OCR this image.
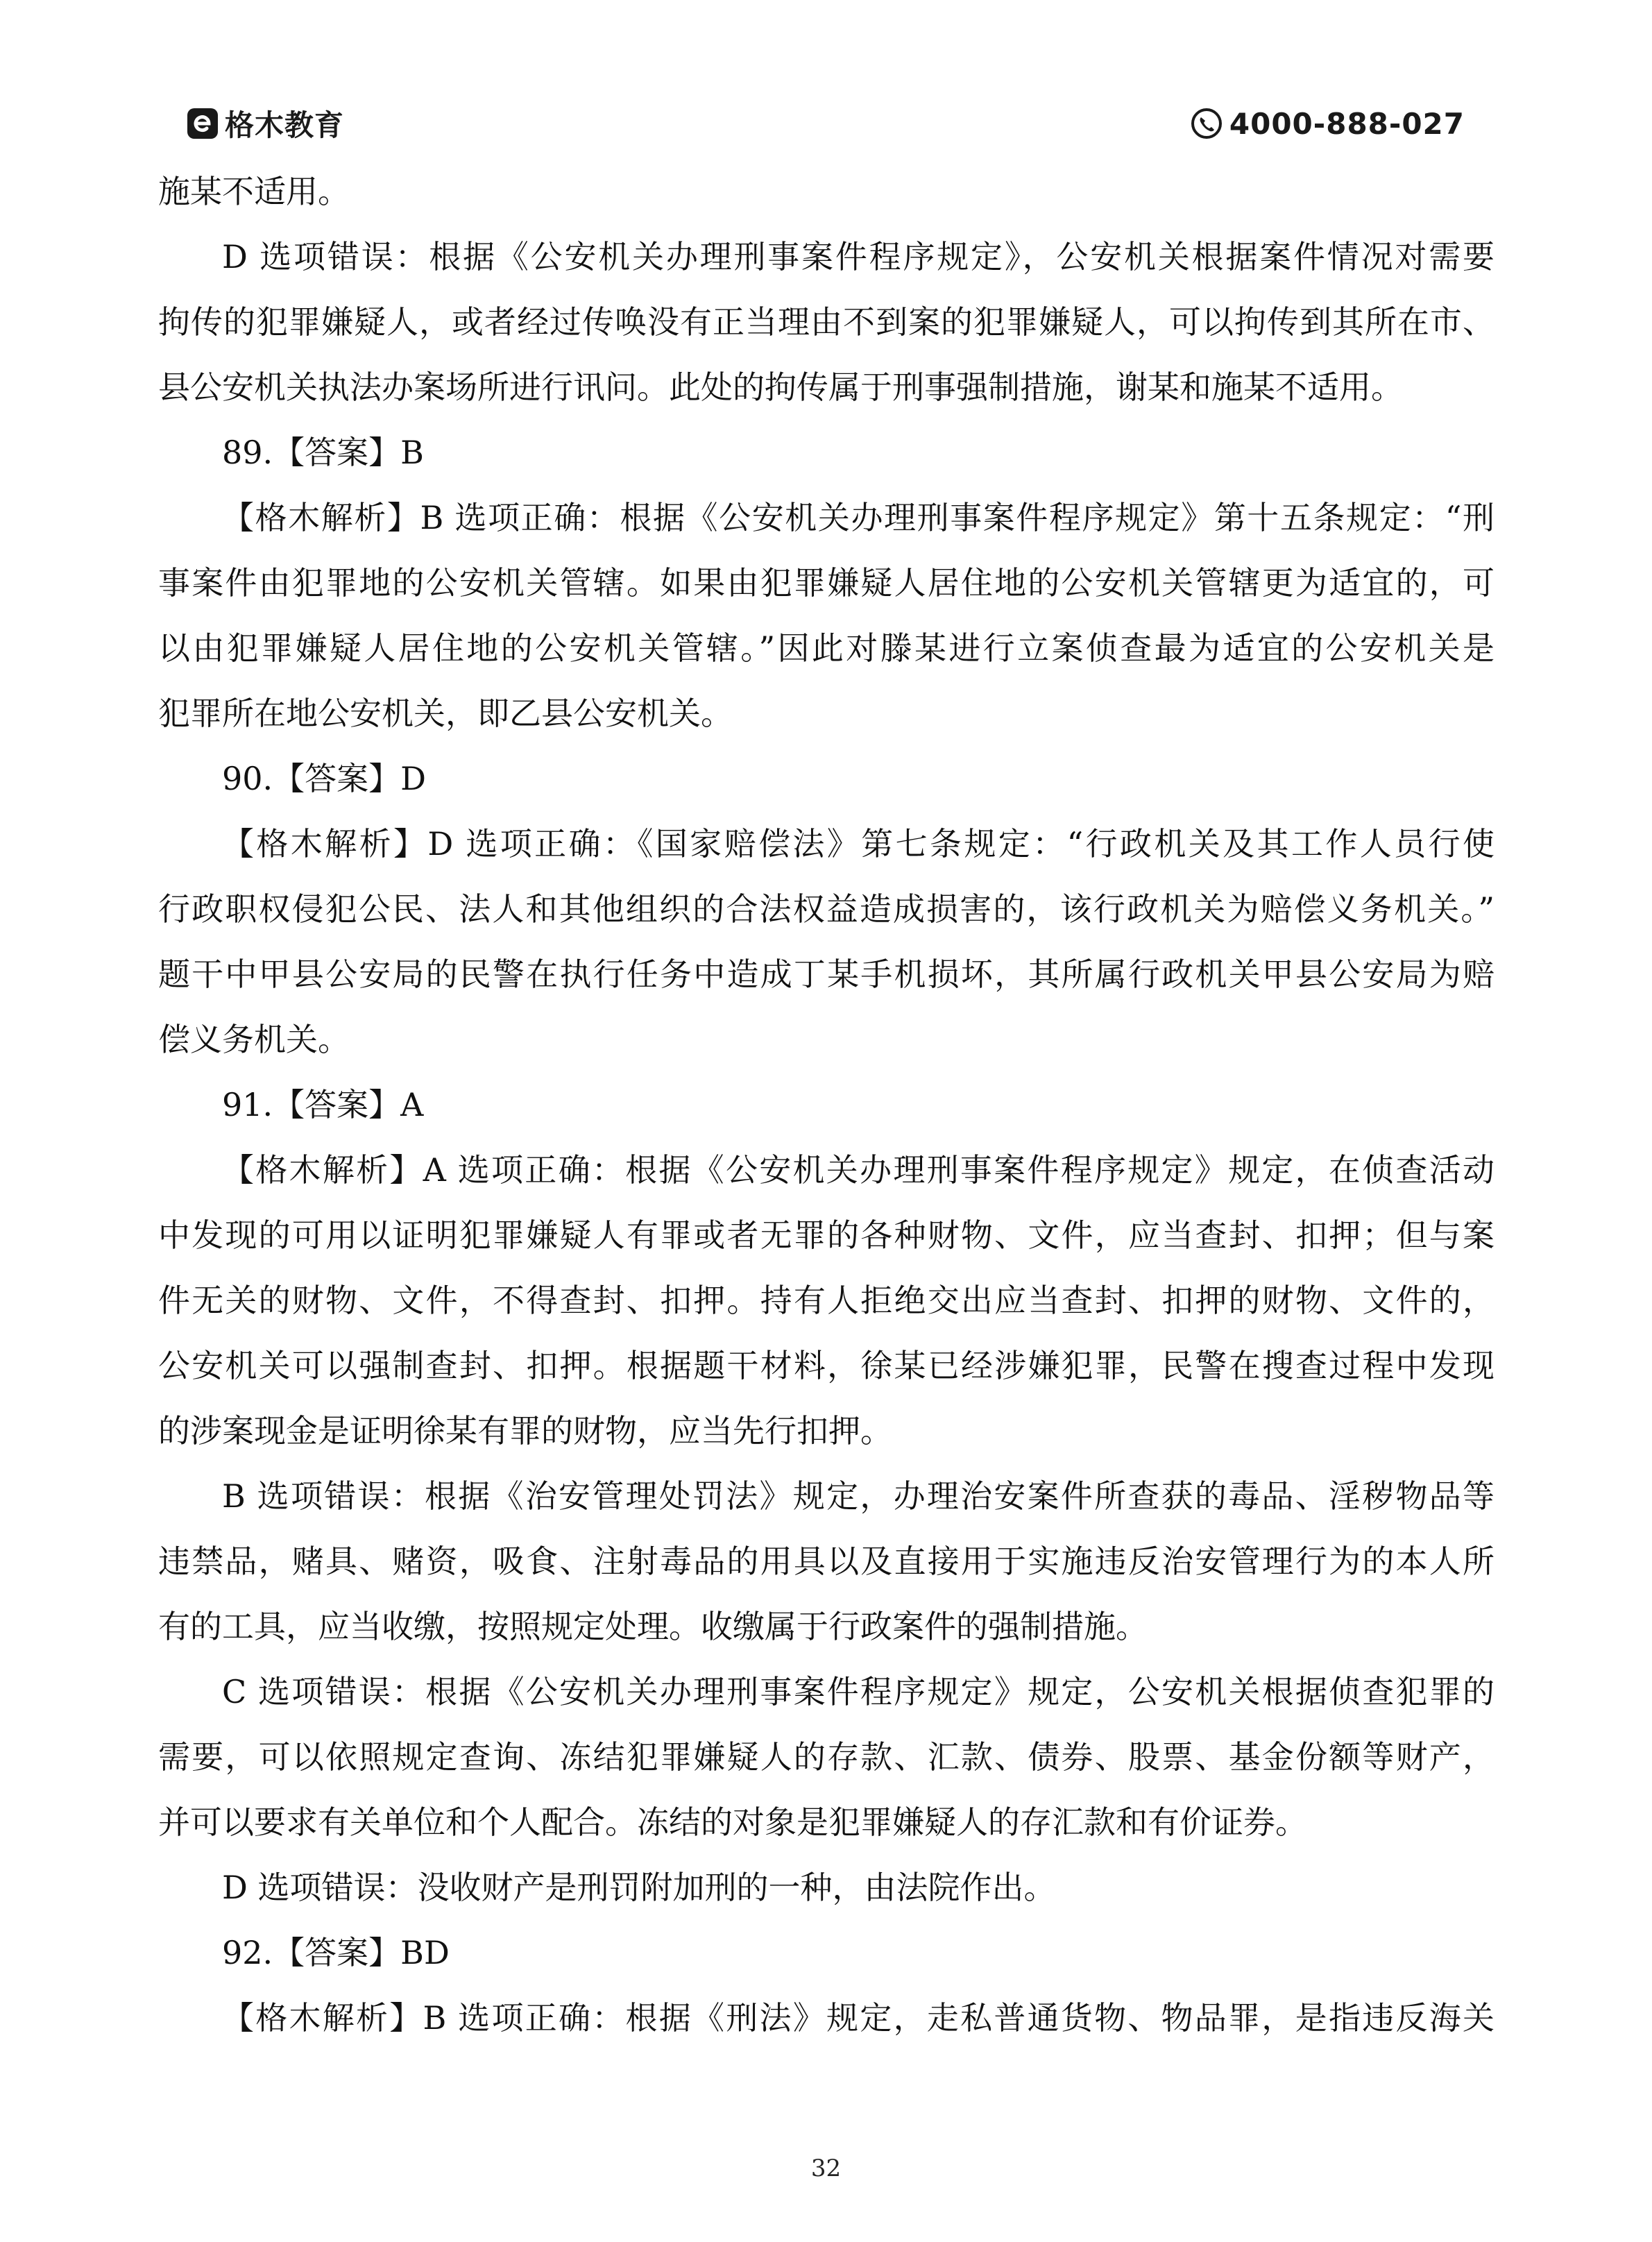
格木教育	4000-888-027
施某不适用。
D 选项错误：根据《公安机关办理刑事案件程序规定》，公安机关根据案件情况对需要
拘传的犯罪嫌疑人，或者经过传唤没有正当理由不到案的犯罪嫌疑人，可以拘传到其所在市、
县公安机关执法办案场所进行讯问。此处的拘传属于刑事强制措施，谢某和施某不适用。
89.【答案】B
【格木解析】B 选项正确：根据《公安机关办理刑事案件程序规定》第十五条规定：“刑
事案件由犯罪地的公安机关管辖。如果由犯罪嫌疑人居住地的公安机关管辖更为适宜的，可
以由犯罪嫌疑人居住地的公安机关管辖。”因此对滕某进行立案侦查最为适宜的公安机关是
犯罪所在地公安机关，即乙县公安机关。
90.【答案】D
【格木解析】D 选项正确：《国家赔偿法》第七条规定：“行政机关及其工作人员行使
行政职权侵犯公民、法人和其他组织的合法权益造成损害的，该行政机关为赔偿义务机关。”
题干中甲县公安局的民警在执行任务中造成丁某手机损坏，其所属行政机关甲县公安局为赔
偿义务机关。
91.【答案】A
【格木解析】A 选项正确：根据《公安机关办理刑事案件程序规定》规定，在侦查活动
中发现的可用以证明犯罪嫌疑人有罪或者无罪的各种财物、文件，应当查封、扣押；但与案
件无关的财物、文件，不得查封、扣押。持有人拒绝交出应当查封、扣押的财物、文件的，
公安机关可以强制查封、扣押。根据题干材料，徐某已经涉嫌犯罪，民警在搜查过程中发现
的涉案现金是证明徐某有罪的财物，应当先行扣押。
B 选项错误：根据《治安管理处罚法》规定，办理治安案件所查获的毒品、淫秽物品等
违禁品，赌具、赌资，吸食、注射毒品的用具以及直接用于实施违反治安管理行为的本人所
有的工具，应当收缴，按照规定处理。收缴属于行政案件的强制措施。
C 选项错误：根据《公安机关办理刑事案件程序规定》规定，公安机关根据侦查犯罪的
需要，可以依照规定查询、冻结犯罪嫌疑人的存款、汇款、债券、股票、基金份额等财产，
并可以要求有关单位和个人配合。冻结的对象是犯罪嫌疑人的存汇款和有价证券。
D 选项错误：没收财产是刑罚附加刑的一种，由法院作出。
92.【答案】BD
【格木解析】B 选项正确：根据《刑法》规定，走私普通货物、物品罪，是指违反海关
32
